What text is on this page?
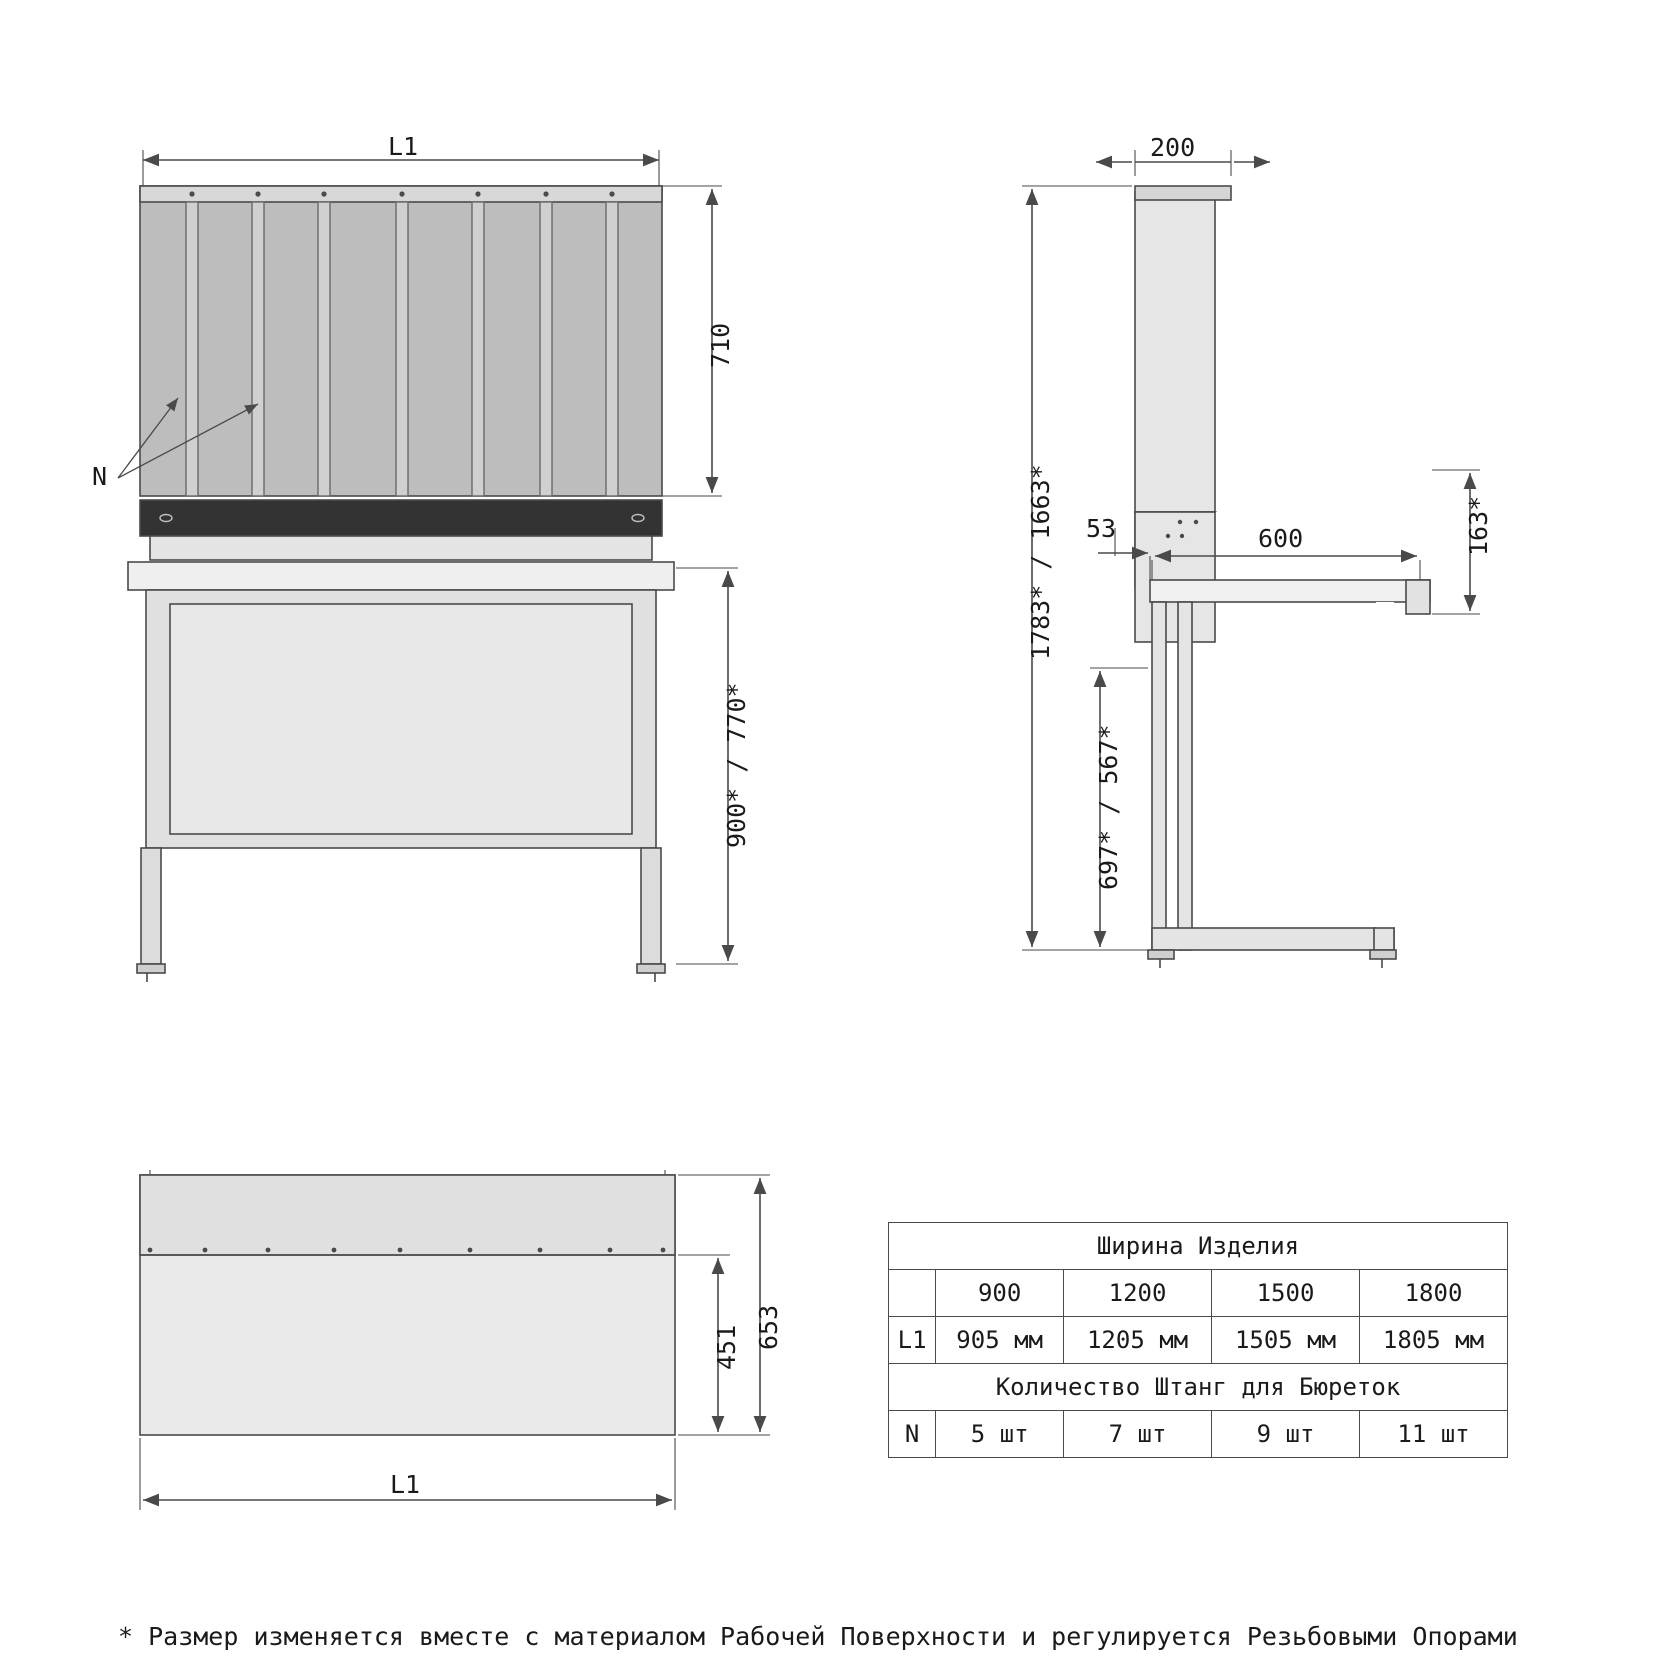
L1
710
900* / 770*
N
200
1783* / 1663*
697* / 567*
53	600	163*
653
451
L1
Ширина Изделия				
	900	1200	1500	1800
L1	905 мм	1205 мм	1505 мм	1805 мм
Количество Штанг для Бюреток				
N	5 шт	7 шт	9 шт	11 шт
* Размер изменяется вместе с материалом Рабочей Поверхности и регулируется Резьбовыми Опорами
